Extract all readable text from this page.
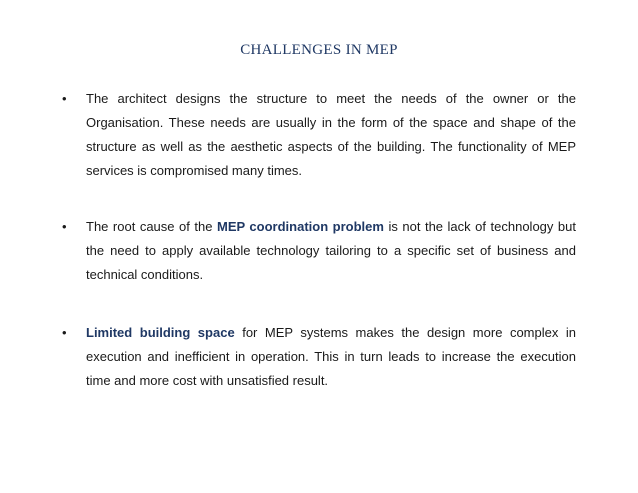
CHALLENGES IN MEP
• The architect designs the structure to meet the needs of the owner or the Organisation. These needs are usually in the form of the space and shape of the structure as well as the aesthetic aspects of the building. The functionality of MEP services is compromised many times.
• The root cause of the MEP coordination problem is not the lack of technology but the need to apply available technology tailoring to a specific set of business and technical conditions.
• Limited building space for MEP systems makes the design more complex in execution and inefficient in operation. This in turn leads to increase the execution time and more cost with unsatisfied result.
